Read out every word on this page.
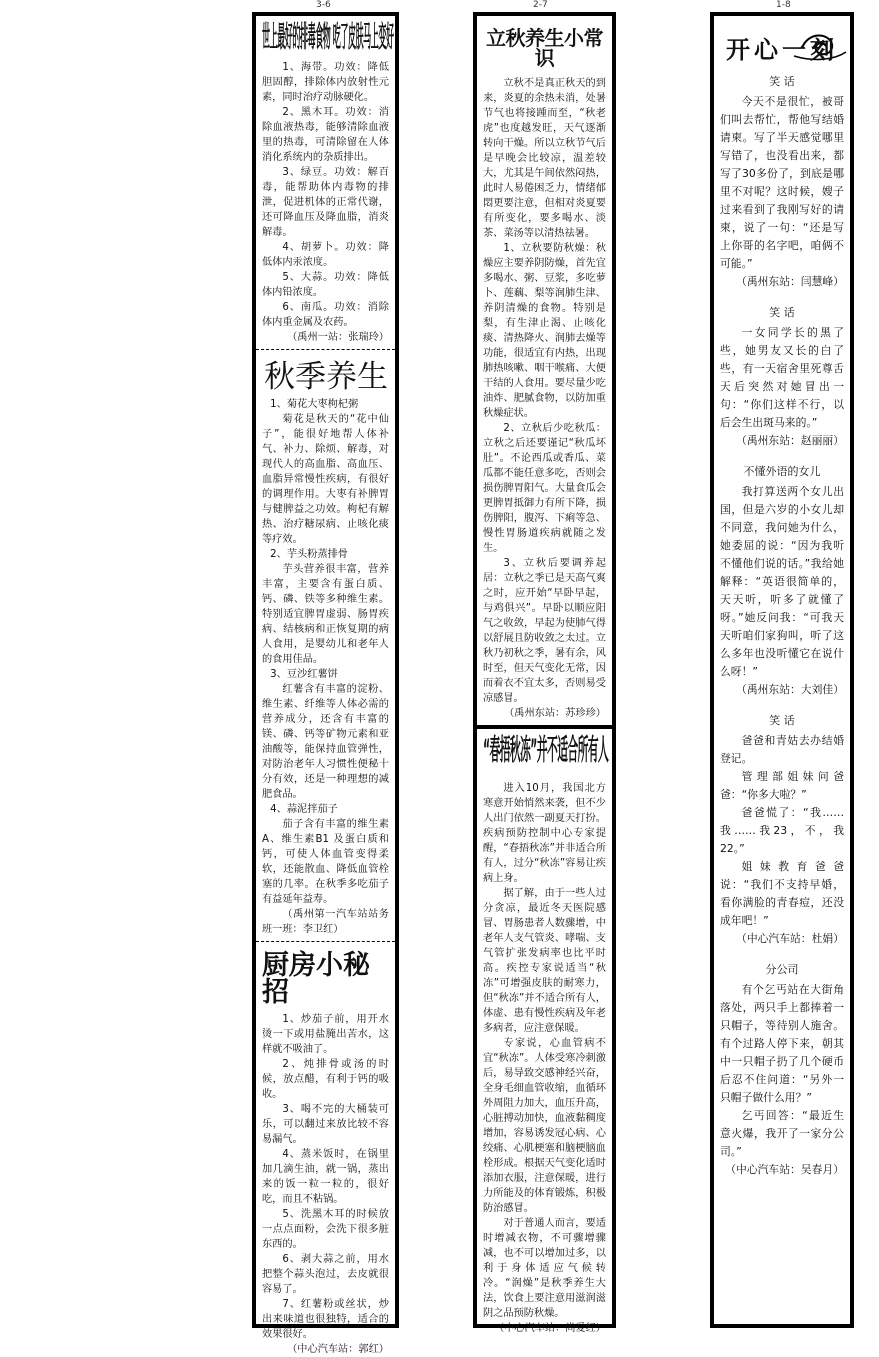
3-6	2-7	1-8
世上最好的排毒食物 吃了皮肤马上变好

1、海带。功效：降低胆固醇，排除体内放射性元素，同时治疗动脉硬化。

2、黑木耳。功效：消除血液热毒，能够清除血液里的热毒，可清除留在人体消化系统内的杂质排出。

3、绿豆。功效：解百毒，能帮助体内毒物的排泄，促进机体的正常代谢，还可降血压及降血脂，消炎解毒。

4、胡萝卜。功效：降低体内汞浓度。

5、大蒜。功效：降低体内铅浓度。

6、南瓜。功效：消除体内重金属及农药。

（禹州一站：张瑞玲）

秋季养生

1、菊花大枣枸杞粥

菊花是秋天的“花中仙子”，能很好地帮人体补气、补力、除烦、解毒，对现代人的高血脂、高血压、血脂异常慢性疾病，有很好的调理作用。大枣有补脾胃与健脾益之功效。枸杞有解热、治疗糖尿病、止咳化痰等疗效。

2、芋头粉蒸排骨

芋头营养很丰富，营养丰富，主要含有蛋白质、钙、磷、铁等多种维生素。特别适宜脾胃虚弱、肠胃疾病、结核病和正恢复期的病人食用，是婴幼儿和老年人的食用佳品。

3、豆沙红薯饼

红薯含有丰富的淀粉、维生素、纤维等人体必需的营养成分，还含有丰富的镁、磷、钙等矿物元素和亚油酸等，能保持血管弹性，对防治老年人习惯性便秘十分有效，还是一种理想的减肥食品。

4、蒜泥拌茄子

茄子含有丰富的维生素A、维生素B1 及蛋白质和钙，可使人体血管变得柔软，还能散血、降低血管栓塞的几率。在秋季多吃茄子有益延年益寿。

（禹州第一汽车站站务班一班：李卫红）

厨房小秘招

1、炒茄子前，用开水烫一下或用盐腌出苦水，这样就不吸油了。

2、炖排骨或汤的时候，放点醋，有利于钙的吸收。

3、喝不完的大桶装可乐，可以翻过来放比较不容易漏气。

4、蒸米饭时，在锅里加几滴生油，就一锅，蒸出来的饭一粒一粒的，很好吃，而且不粘锅。

5、洗黑木耳的时候放一点点面粉，会洗下很多脏东西的。

6、剥大蒜之前，用水把整个蒜头泡过，去皮就很容易了。

7、红薯粉或丝状，炒出来味道也很独特，适合的效果很好。

（中心汽车站：郭红）

立秋养生小常识

立秋不是真正秋天的到来，炎夏的余热未消，处暑节气也将接踵而至，“秋老虎”也度越发旺，天气逐渐转向干燥。所以立秋节气后是早晚会比较凉，温差较大，尤其是午间依然闷热，此时人易倦困乏力，情绪郁悶更要注意，但相对炎夏要有所变化，要多喝水、淡茶、菜汤等以清热祛暑。

1、立秋要防秋燥：秋燥应主要养阴防燥，首先宜多喝水、粥、豆浆，多吃萝卜、莲藕、梨等润肺生津、养阴清燥的食物。特别是梨，有生津止渴、止咳化痰、清热降火、润肺去燥等功能，很适宜有内热，出现肺热咳嗽、咽干喉痛、大便干结的人食用。要尽量少吃油炸、肥腻食物，以防加重秋燥症状。

2、立秋后少吃秋瓜：立秋之后还要谨记“秋瓜坏肚”。不论西瓜或香瓜、菜瓜都不能任意多吃，否则会损伤脾胃阳气。大量食瓜会更脾胃抵御力有所下降，损伤脾阳，腹泻、下痢等急、慢性胃肠道疾病就随之发生。

3、立秋后要调养起居：立秋之季已是天高气爽之时，应开始“早卧早起，与鸡俱兴”。早卧以顺应阳气之收敛，早起为使肺气得以舒展且防收敛之太过。立秋乃初秋之季，暑有余，风时至，但天气变化无常，因而着衣不宜太多，否则易受凉感冒。

（禹州东站：苏珍珍）

“春捂秋冻”并不适合所有人

进入10月，我国北方寒意开始悄然来袭，但不少人出门依然一副夏天打扮。疾病预防控制中心专家提醒，“春捂秋冻”并非适合所有人，过分“秋冻”容易让疾病上身。

据了解，由于一些人过分贪凉，最近冬天医院感冒、胃肠患者人数骤增，中老年人支气管炎、哮喘、支气管扩张发病率也比平时高。疾控专家说适当“秋冻”可增强皮肤的耐寒力，但“秋冻”并不适合所有人，体虚、患有慢性疾病及年老多病者，应注意保暖。

专家说，心血管病不宜“秋冻”。人体受寒冷刺激后，易导致交感神经兴奋，全身毛细血管收缩，血循环外周阻力加大，血压升高，心脏搏动加快，血液黏稠度增加，容易诱发冠心病、心绞痛、心肌梗塞和脑梗脑血栓形成。根据天气变化适时添加衣服，注意保暖，进行力所能及的体育锻炼，积极防治感冒。

对于普通人而言，要适时增减衣物，不可骤增骤减，也不可以增加过多，以利于身体适应气候转冷。“润燥”是秋季养生大法，饮食上要注意用滋润滋阴之品预防秋燥。

（中心汽车站：尚爱红）

开心一刻
笑 话

今天不是很忙，被哥们叫去帮忙，帮他写结婚请柬。写了半天感觉哪里写错了，也没看出来，都写了30多份了，到底是哪里不对呢？这时候，嫂子过来看到了我刚写好的请柬，说了一句：“还是写上你哥的名字吧，咱俩不可能。”

（禹州东站：闫慧峰）

笑 话

一女同学长的黑了些，她男友又长的白了些，有一天宿舍里死尊舌天后突然对她冒出一句：“你们这样不行，以后会生出斑马来的。”

（禹州东站：赵丽丽）

不懂外语的女儿

我打算送两个女儿出国，但是六岁的小女儿却不同意，我问她为什么，她委屈的说：“因为我听不懂他们说的话。”我给她解释：“英语很简单的，天天听，听多了就懂了呀。”她反问我：“可我天天听咱们家狗叫，听了这么多年也没听懂它在说什么呀！”

（禹州东站：大刘佳）

笑 话

爸爸和青姑去办结婚登记。

管理部姐妹问爸爸：“你多大啦？”

爸爸慌了：“我……我……我23，不，我22。”

姐妹教育爸爸说：“我们不支持早婚，看你满脸的青春痘，还没成年吧！”

（中心汽车站：杜娟）

分公司

有个乞丐站在大街角落处，两只手上都捧着一只帽子，等待别人施舍。有个过路人停下来，朝其中一只帽子扔了几个硬币后忍不住问道：“另外一只帽子做什么用？”

乞丐回答：“最近生意火爆，我开了一家分公司。”

（中心汽车站：吴春月）
